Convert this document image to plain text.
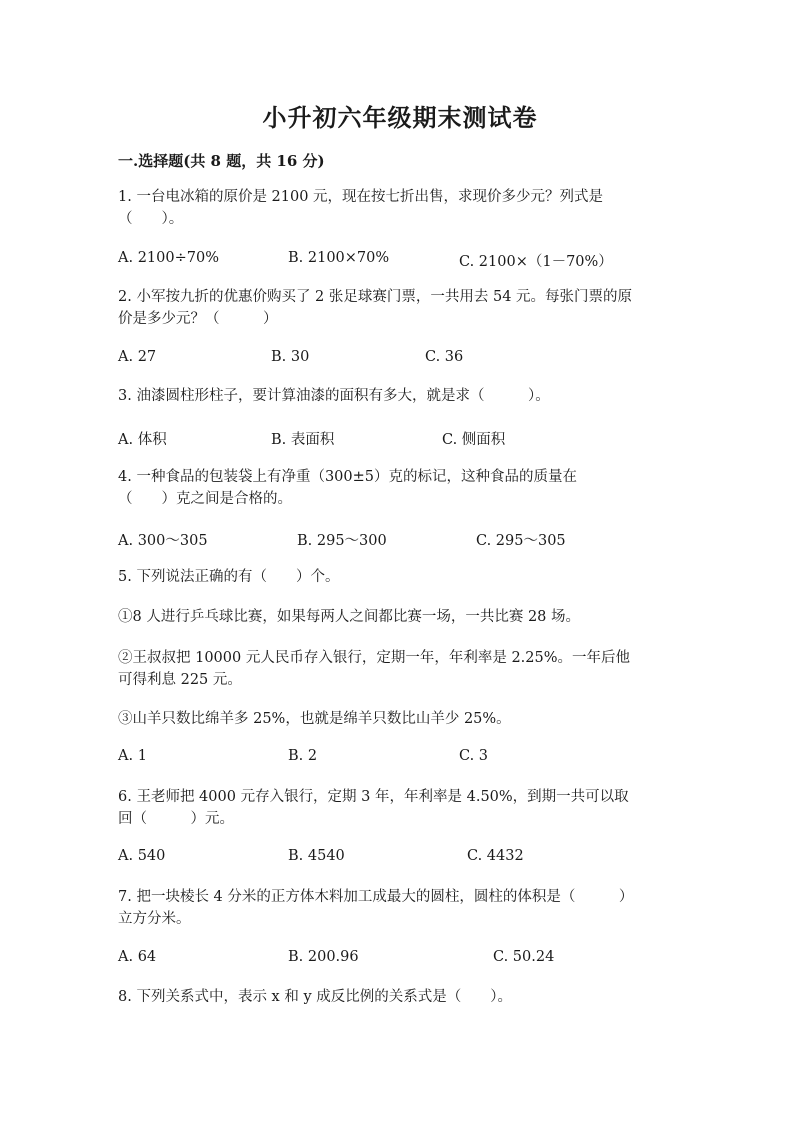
小升初六年级期末测试卷
一.选择题(共 8 题，共 16 分)
1. 一台电冰箱的原价是 2100 元，现在按七折出售，求现价多少元？列式是
（　　）。
A. 2100÷70%	B. 2100×70%	C. 2100×（1－70%）
2. 小军按九折的优惠价购买了 2 张足球赛门票，一共用去 54 元。每张门票的原
价是多少元？（　　　）
A. 27	B. 30	C. 36
3. 油漆圆柱形柱子，要计算油漆的面积有多大，就是求（　　　）。
A. 体积	B. 表面积	C. 侧面积
4. 一种食品的包装袋上有净重（300±5）克的标记，这种食品的质量在
（　　）克之间是合格的。
A. 300～305	B. 295～300	C. 295～305
5. 下列说法正确的有（　　）个。
①8 人进行乒乓球比赛，如果每两人之间都比赛一场，一共比赛 28 场。
②王叔叔把 10000 元人民币存入银行，定期一年，年利率是 2.25%。一年后他
可得利息 225 元。
③山羊只数比绵羊多 25%，也就是绵羊只数比山羊少 25%。
A. 1	B. 2	C. 3
6. 王老师把 4000 元存入银行，定期 3 年，年利率是 4.50%，到期一共可以取
回（　　　）元。
A. 540	B. 4540	C. 4432
7. 把一块棱长 4 分米的正方体木料加工成最大的圆柱，圆柱的体积是（　　　）
立方分米。
A. 64	B. 200.96	C. 50.24
8. 下列关系式中，表示 x 和 y 成反比例的关系式是（　　）。
